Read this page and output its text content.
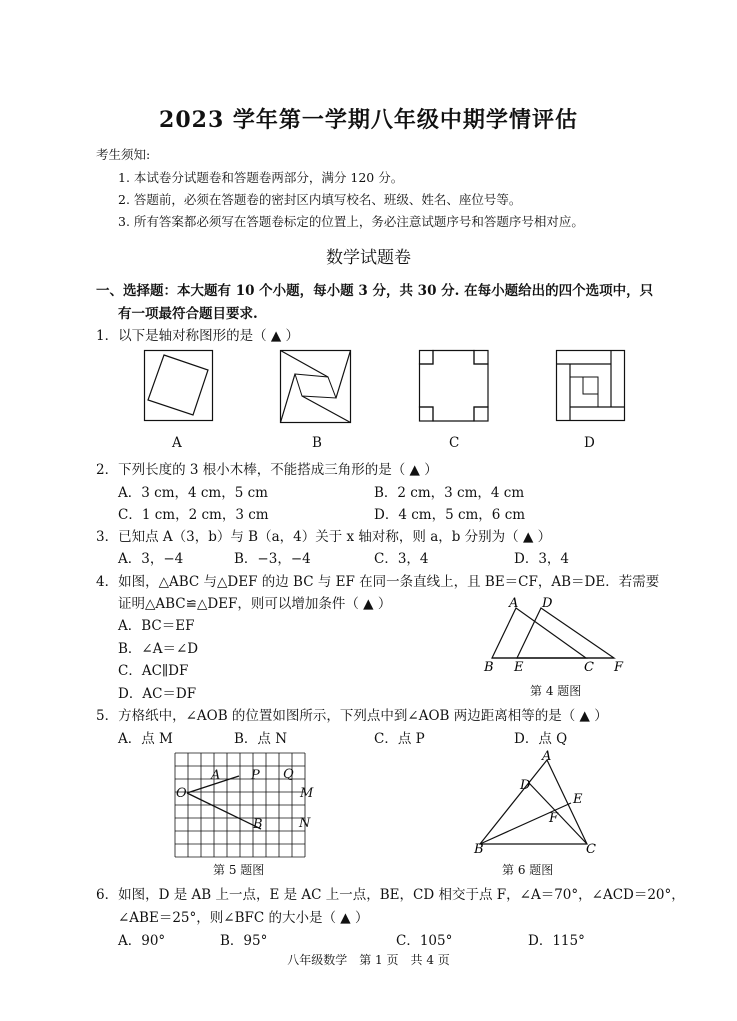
2023 学年第一学期八年级中期学情评估
考生须知:
1. 本试卷分试题卷和答题卷两部分，满分 120 分。
2. 答题前，必须在答题卷的密封区内填写校名、班级、姓名、座位号等。
3. 所有答案都必须写在答题卷标定的位置上，务必注意试题序号和答题序号相对应。
数学试题卷
一、选择题：本大题有 10 个小题，每小题 3 分，共 30 分. 在每小题给出的四个选项中，只
有一项最符合题目要求.
1．以下是轴对称图形的是（ ▲ ）
A	B	C	D
2．下列长度的 3 根小木棒，不能搭成三角形的是（ ▲ ）
A．3 cm，4 cm，5 cm	B．2 cm，3 cm，4 cm
C．1 cm，2 cm，3 cm	D．4 cm，5 cm，6 cm
3．已知点 A（3，b）与 B（a，4）关于 x 轴对称，则 a，b 分别为（ ▲ ）
A．3，−4	B．−3，−4	C．3，4	D．3，4
4．如图，△ABC 与△DEF 的边 BC 与 EF 在同一条直线上，且 BE＝CF，AB＝DE．若需要
证明△ABC≌△DEF，则可以增加条件（ ▲ ）
A．BC＝EF
B．∠A＝∠D
C．AC∥DF
D．AC＝DF
A D
B E	C F
第 4 题图
5．方格纸中，∠AOB 的位置如图所示，下列点中到∠AOB 两边距离相等的是（ ▲ ）
A．点 M	B．点 N	C．点 P	D．点 Q
O
A P Q
M
N
B
第 5 题图
A
D
E
F
B	C
第 6 题图
6．如图，D 是 AB 上一点，E 是 AC 上一点，BE，CD 相交于点 F，∠A＝70°，∠ACD＝20°，
∠ABE＝25°，则∠BFC 的大小是（ ▲ ）
A．90°	B．95°	C．105°	D．115°
八年级数学　第 1 页　共 4 页
